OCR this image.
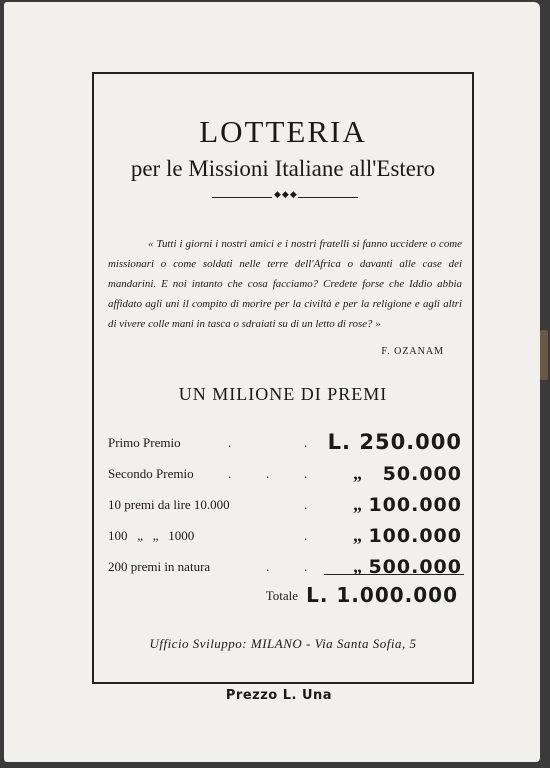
LOTTERIA
per le Missioni Italiane all'Estero
◆◆◆
« Tutti i giorni i nostri amici e i nostri fratelli si fanno uccidere o come missionari o come soldati nelle terre dell'Africa o davanti alle case dei mandarini. E noi intanto che cosa facciamo? Credete forse che Iddio abbia affidato agli uni il compito di morire per la civiltà e per la religione e agli altri di vivere colle mani in tasca o sdraiati su di un letto di rose? »
F. OZANAM
UN MILIONE DI PREMI
Primo Premio	.	. L. 250.000
Secondo Premio	.	.	.	„ 50.000
10 premi da lire 10.000	.	„ 100.000
100   „   „   1000	.	„ 100.000
200 premi in natura	.	.	„ 500.000
Totale L. 1.000.000
Ufficio Sviluppo: MILANO - Via Santa Sofia, 5
Prezzo L. Una
